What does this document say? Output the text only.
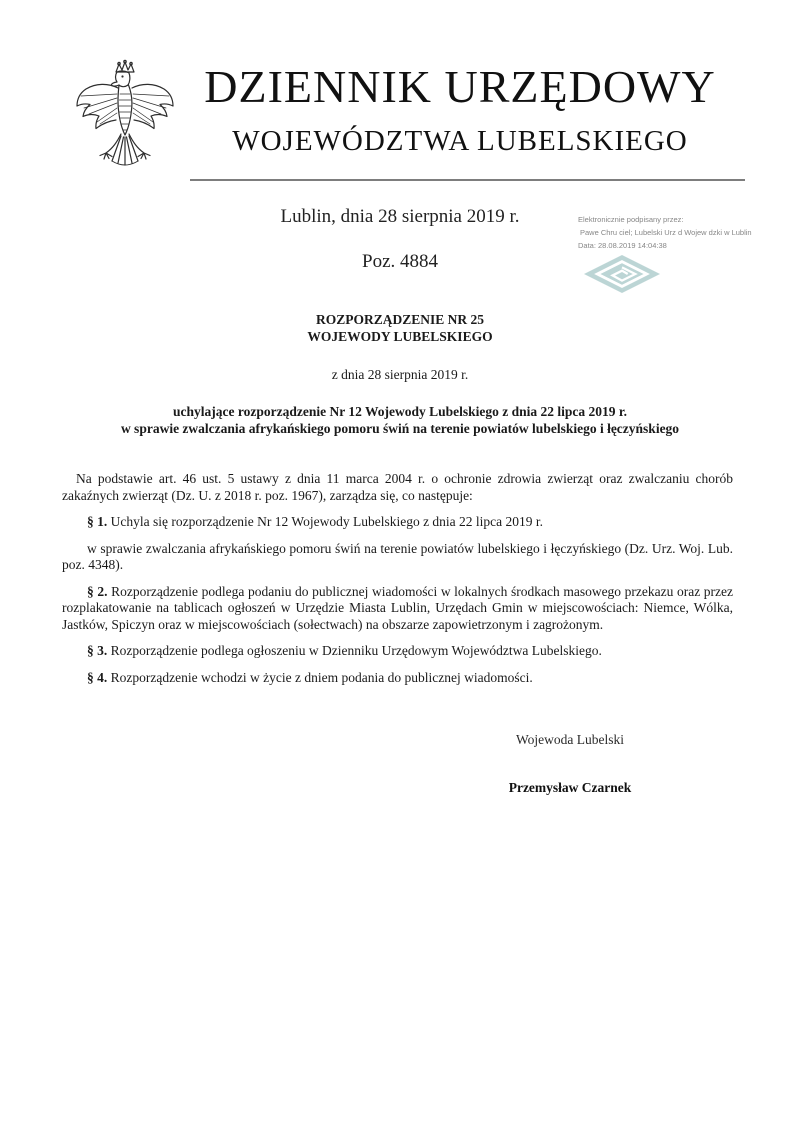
DZIENNIK URZĘDOWY
WOJEWÓDZTWA LUBELSKIEGO
Lublin, dnia 28 sierpnia 2019 r.
Poz. 4884
Elektronicznie podpisany przez:
Pawe Chru ciel; Lubelski Urz d Wojew dzki w Lublin
Data: 28.08.2019 14:04:38
ROZPORZĄDZENIE NR 25
WOJEWODY LUBELSKIEGO
z dnia 28 sierpnia 2019 r.
uchylające rozporządzenie Nr 12 Wojewody Lubelskiego z dnia 22 lipca 2019 r.
w sprawie zwalczania afrykańskiego pomoru świń na terenie powiatów lubelskiego i łęczyńskiego

Na podstawie art. 46 ust. 5 ustawy z dnia 11 marca 2004 r. o ochronie zdrowia zwierząt oraz zwalczaniu chorób zakaźnych zwierząt (Dz. U. z 2018 r. poz. 1967), zarządza się, co następuje:

§ 1. Uchyla się rozporządzenie Nr 12 Wojewody Lubelskiego z dnia 22 lipca 2019 r.

w sprawie zwalczania afrykańskiego pomoru świń na terenie powiatów lubelskiego i łęczyńskiego (Dz. Urz. Woj. Lub. poz. 4348).

§ 2. Rozporządzenie podlega podaniu do publicznej wiadomości w lokalnych środkach masowego przekazu oraz przez rozplakatowanie na tablicach ogłoszeń w Urzędzie Miasta Lublin, Urzędach Gmin w miejscowościach: Niemce, Wólka, Jastków, Spiczyn oraz w miejscowościach (sołectwach) na obszarze zapowietrzonym i zagrożonym.

§ 3. Rozporządzenie podlega ogłoszeniu w Dzienniku Urzędowym Województwa Lubelskiego.

§ 4. Rozporządzenie wchodzi w życie z dniem podania do publicznej wiadomości.

Wojewoda Lubelski
Przemysław Czarnek
